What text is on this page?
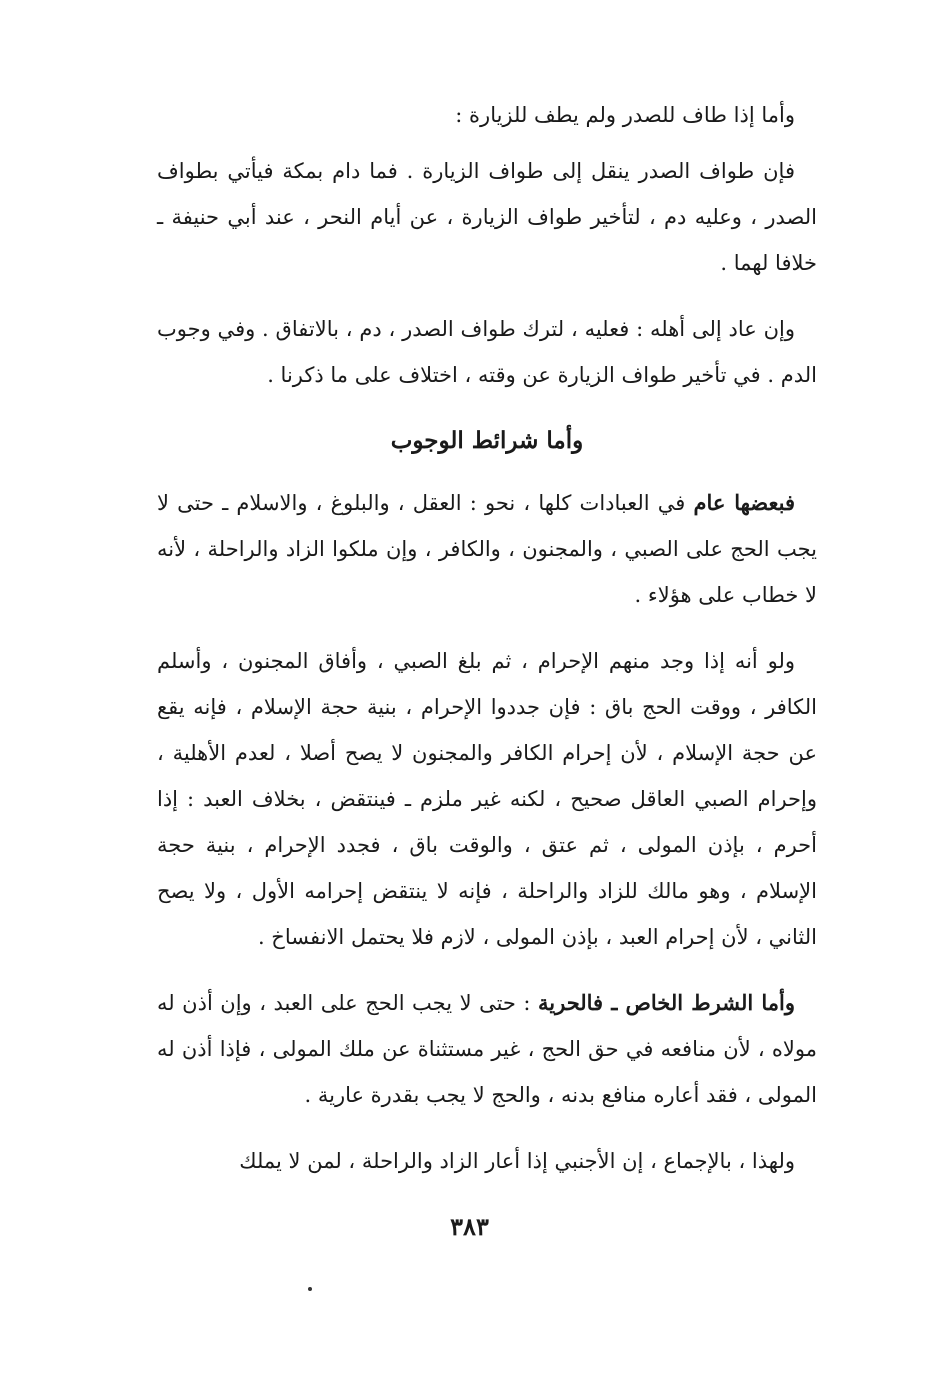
وأما إذا طاف للصدر ولم يطف للزيارة :

فإن طواف الصدر ينقل إلى طواف الزيارة . فما دام بمكة فيأتي بطواف الصدر ، وعليه دم ، لتأخير طواف الزيارة ، عن أيام النحر ، عند أبي حنيفة ـ خلافا لهما .

وإن عاد إلى أهله : فعليه ، لترك طواف الصدر ، دم ، بالاتفاق . وفي وجوب الدم . في تأخير طواف الزيارة عن وقته ، اختلاف على ما ذكرنا .

وأما شرائط الوجوب

فبعضها عام في العبادات كلها ، نحو : العقل ، والبلوغ ، والاسلام ـ حتى لا يجب الحج على الصبي ، والمجنون ، والكافر ، وإن ملكوا الزاد والراحلة ، لأنه لا خطاب على هؤلاء .

ولو أنه إذا وجد منهم الإحرام ، ثم بلغ الصبي ، وأفاق المجنون ، وأسلم الكافر ، ووقت الحج باق : فإن جددوا الإحرام ، بنية حجة الإسلام ، فإنه يقع عن حجة الإسلام ، لأن إحرام الكافر والمجنون لا يصح أصلا ، لعدم الأهلية ، وإحرام الصبي العاقل صحيح ، لكنه غير ملزم ـ فينتقض ، بخلاف العبد : إذا أحرم ، بإذن المولى ، ثم عتق ، والوقت باق ، فجدد الإحرام ، بنية حجة الإسلام ، وهو مالك للزاد والراحلة ، فإنه لا ينتقض إحرامه الأول ، ولا يصح الثاني ، لأن إحرام العبد ، بإذن المولى ، لازم فلا يحتمل الانفساخ .

وأما الشرط الخاص ـ فالحرية : حتى لا يجب الحج على العبد ، وإن أذن له مولاه ، لأن منافعه في حق الحج ، غير مستثناة عن ملك المولى ، فإذا أذن له المولى ، فقد أعاره منافع بدنه ، والحج لا يجب بقدرة عارية .

ولهذا ، بالإجماع ، إن الأجنبي إذا أعار الزاد والراحلة ، لمن لا يملك

٣٨٣
